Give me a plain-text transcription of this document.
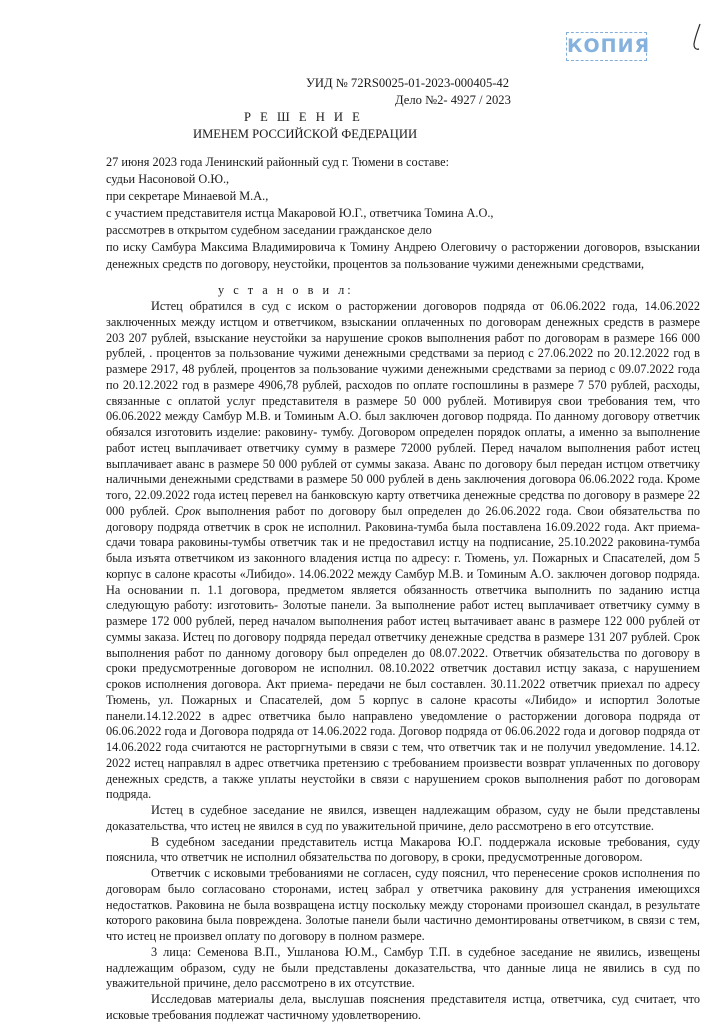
КОПИЯ
УИД № 72RS0025-01-2023-000405-42
Дело №2- 4927 / 2023
Р Е Ш Е Н И Е
ИМЕНЕМ РОССИЙСКОЙ ФЕДЕРАЦИИ
27 июня 2023 года Ленинский районный суд г. Тюмени в составе:
судьи Насоновой О.Ю.,
при секретаре Минаевой М.А.,
с участием представителя истца Макаровой Ю.Г., ответчика Томина А.О.,
рассмотрев в открытом судебном заседании гражданское дело
по иску Самбура Максима Владимировича к Томину Андрею Олеговичу о расторжении договоров, взыскании денежных средств по договору, неустойки, процентов за пользование чужими денежными средствами,
у с т а н о в и л:

Истец обратился в суд с иском о расторжении договоров подряда от 06.06.2022 года, 14.06.2022 заключенных между истцом и ответчиком, взыскании оплаченных по договорам денежных средств в размере 203 207 рублей, взыскание неустойки за нарушение сроков выполнения работ по договорам в размере 166 000 рублей, . процентов за пользование чужими денежными средствами за период с 27.06.2022 по 20.12.2022 год в размере 2917, 48 рублей, процентов за пользование чужими денежными средствами за период с 09.07.2022 года по 20.12.2022 год в размере 4906,78 рублей, расходов по оплате госпошлины в размере 7 570 рублей, расходы, связанные с оплатой услуг представителя в размере 50 000 рублей. Мотивируя свои требования тем, что 06.06.2022 между Самбур М.В. и Томиным А.О. был заключен договор подряда. По данному договору ответчик обязался изготовить изделие: раковину- тумбу. Договором определен порядок оплаты, а именно за выполнение работ истец выплачивает ответчику сумму в размере 72000 рублей. Перед началом выполнения работ истец выплачивает аванс в размере 50 000 рублей от суммы заказа. Аванс по договору был передан истцом ответчику наличными денежными средствами в размере 50 000 рублей в день заключения договора 06.06.2022 года. Кроме того, 22.09.2022 года истец перевел на банковскую карту ответчика денежные средства по договору в размере 22 000 рублей. Срок выполнения работ по договору был определен до 26.06.2022 года. Свои обязательства по договору подряда ответчик в срок не исполнил. Раковина-тумба была поставлена 16.09.2022 года. Акт приема-сдачи товара раковины-тумбы ответчик так и не предоставил истцу на подписание, 25.10.2022 раковина-тумба была изъята ответчиком из законного владения истца по адресу: г. Тюмень, ул. Пожарных и Спасателей, дом 5 корпус в салоне красоты «Либидо». 14.06.2022 между Самбур М.В. и Томиным А.О. заключен договор подряда. На основании п. 1.1 договора, предметом является обязанность ответчика выполнить по заданию истца следующую работу: изготовить- Золотые панели. За выполнение работ истец выплачивает ответчику сумму в размере 172 000 рублей, перед началом выполнения работ истец вытачивает аванс в размере 122 000 рублей от суммы заказа. Истец по договору подряда передал ответчику денежные средства в размере 131 207 рублей. Срок выполнения работ по данному договору был определен до 08.07.2022. Ответчик обязательства по договору в сроки предусмотренные договором не исполнил. 08.10.2022 ответчик доставил истцу заказа, с нарушением сроков исполнения договора. Акт приема- передачи не был составлен. 30.11.2022 ответчик приехал по адресу Тюмень, ул. Пожарных и Спасателей, дом 5 корпус в салоне красоты «Либидо» и испортил Золотые панели.14.12.2022 в адрес ответчика было направлено уведомление о расторжении договора подряда от 06.06.2022 года и Договора подряда от 14.06.2022 года. Договор подряда от 06.06.2022 года и договор подряда от 14.06.2022 года считаются не расторгнутыми в связи с тем, что ответчик так и не получил уведомление. 14.12. 2022 истец направлял в адрес ответчика претензию с требованием произвести возврат уплаченных по договору денежных средств, а также уплаты неустойки в связи с нарушением сроков выполнения работ по договорам подряда.

Истец в судебное заседание не явился, извещен надлежащим образом, суду не были представлены доказательства, что истец не явился в суд по уважительной причине, дело рассмотрено в его отсутствие.

В судебном заседании представитель истца Макарова Ю.Г. поддержала исковые требования, суду пояснила, что ответчик не исполнил обязательства по договору, в сроки, предусмотренные договором.

Ответчик с исковыми требованиями не согласен, суду пояснил, что перенесение сроков исполнения по договорам было согласовано сторонами, истец забрал у ответчика раковину для устранения имеющихся недостатков. Раковина не была возвращена истцу поскольку между сторонами произошел скандал, в результате которого раковина была повреждена. Золотые панели были частично демонтированы ответчиком, в связи с тем, что истец не произвел оплату по договору в полном размере.

3 лица: Семенова В.П., Ушланова Ю.М., Самбур Т.П. в судебное заседание не явились, извещены надлежащим образом, суду не были представлены доказательства, что данные лица не явились в суд по уважительной причине, дело рассмотрено в их отсутствие.

Исследовав материалы дела, выслушав пояснения представителя истца, ответчика, суд считает, что исковые требования подлежат частичному удовлетворению.
